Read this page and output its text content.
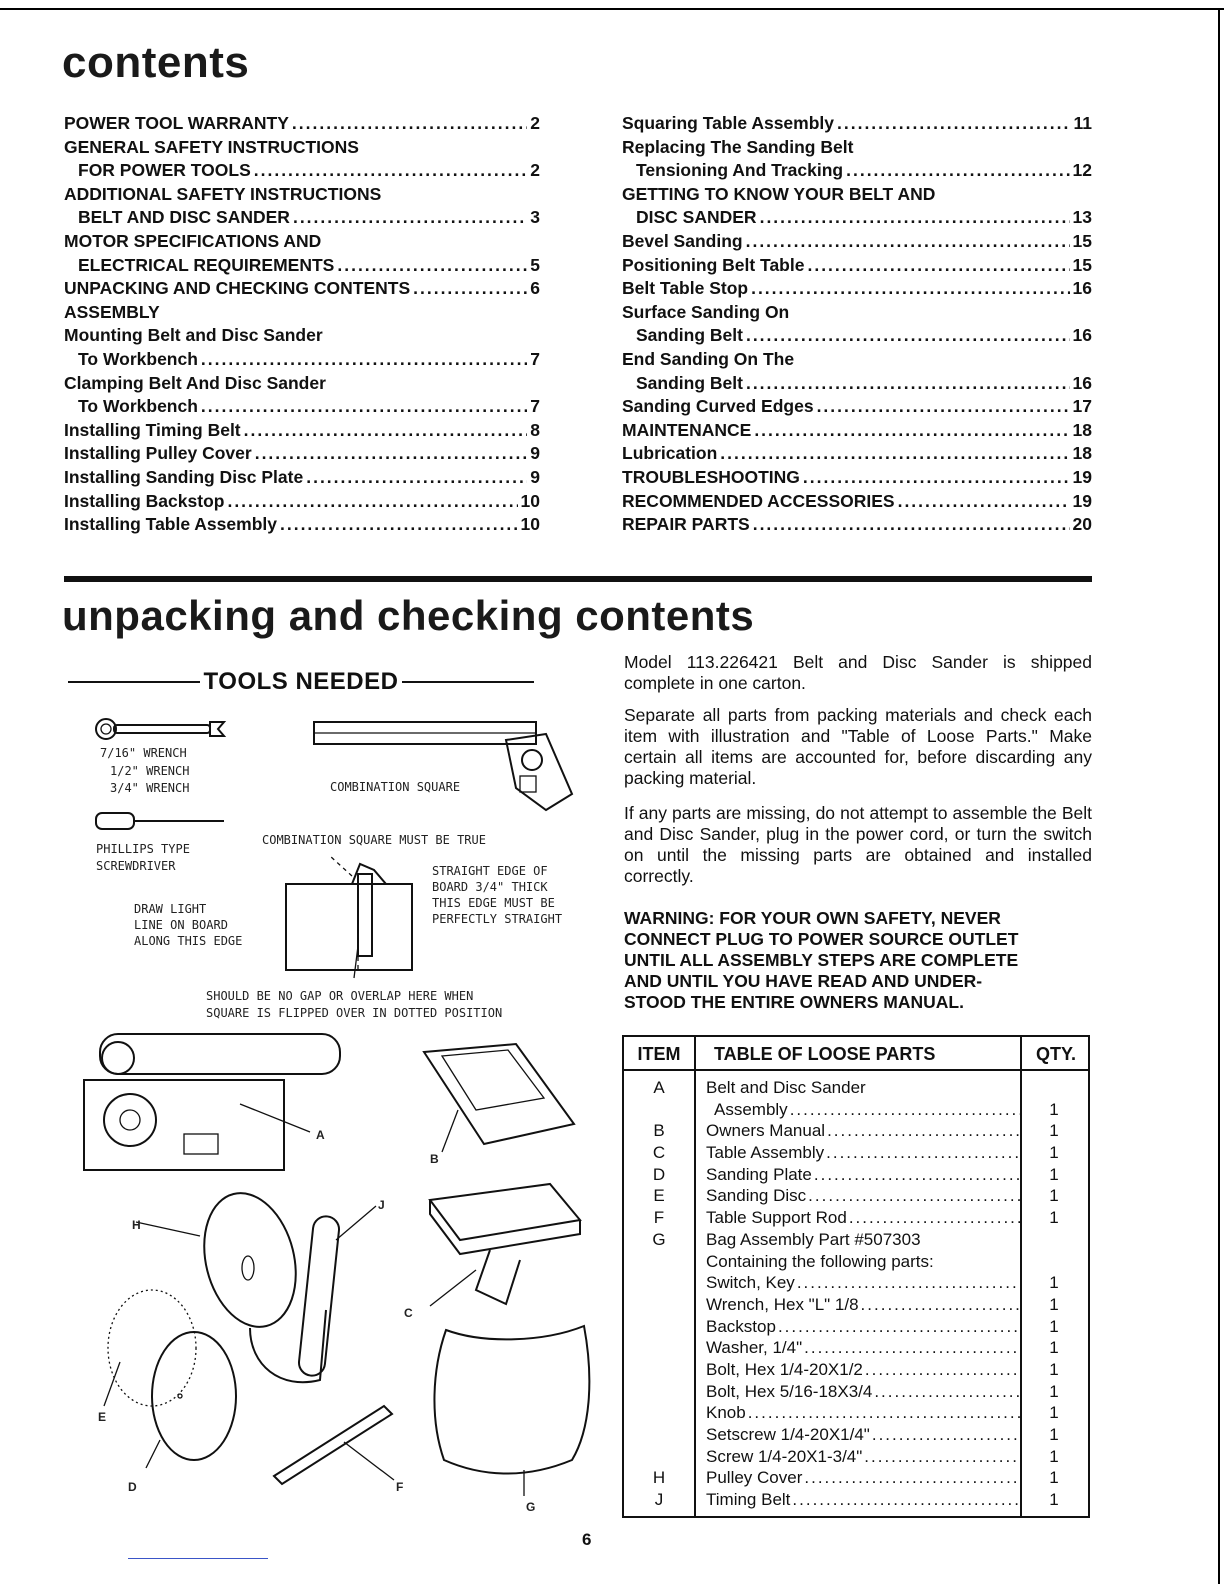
contents
POWER TOOL WARRANTY .....	2
GENERAL SAFETY INSTRUCTIONS
FOR POWER TOOLS .....	2
ADDITIONAL SAFETY INSTRUCTIONS
BELT AND DISC SANDER .....	3
MOTOR SPECIFICATIONS AND
ELECTRICAL REQUIREMENTS .....	5
UNPACKING AND CHECKING CONTENTS .....	6
ASSEMBLY
Mounting Belt and Disc Sander
To Workbench .....	7
Clamping Belt And Disc Sander
To Workbench .....	7
Installing Timing Belt .....	8
Installing Pulley Cover .....	9
Installing Sanding Disc Plate .....	9
Installing Backstop .....	10
Installing Table Assembly .....	10
Squaring Table Assembly .....	11
Replacing The Sanding Belt
Tensioning And Tracking .....	12
GETTING TO KNOW YOUR BELT AND
DISC SANDER .....	13
Bevel Sanding .....	15
Positioning Belt Table .....	15
Belt Table Stop .....	16
Surface Sanding On
Sanding Belt .....	16
End Sanding On The
Sanding Belt .....	16
Sanding Curved Edges .....	17
MAINTENANCE .....	18
Lubrication .....	18
TROUBLESHOOTING .....	19
RECOMMENDED ACCESSORIES .....	19
REPAIR PARTS .....	20
unpacking and checking contents
TOOLS NEEDED
7/16" WRENCH
1/2" WRENCH
3/4" WRENCH	COMBINATION SQUARE
PHILLIPS TYPE
SCREWDRIVER
COMBINATION SQUARE MUST BE TRUE
STRAIGHT EDGE OF
BOARD 3/4" THICK
THIS EDGE MUST BE
PERFECTLY STRAIGHT
DRAW LIGHT
LINE ON BOARD
ALONG THIS EDGE
SHOULD BE NO GAP OR OVERLAP HERE WHEN
SQUARE IS FLIPPED OVER IN DOTTED POSITION
A
B
H
J
C
E
D	F
G
Model 113.226421 Belt and Disc Sander is shipped complete in one carton.
Separate all parts from packing materials and check each item with illustration and "Table of Loose Parts." Make certain all items are accounted for, before discarding any packing material.
If any parts are missing, do not attempt to assemble the Belt and Disc Sander, plug in the power cord, or turn the switch on until the missing parts are obtained and installed correctly.
WARNING: FOR YOUR OWN SAFETY, NEVER
CONNECT PLUG TO POWER SOURCE OUTLET
UNTIL ALL ASSEMBLY STEPS ARE COMPLETE
AND UNTIL YOU HAVE READ AND UNDER-
STOOD THE ENTIRE OWNERS MANUAL.
ITEM	TABLE OF LOOSE PARTS	QTY.
A	Belt and Disc Sander
Assembly .....	1
B	Owners Manual .....	1
C	Table Assembly .....	1
D	Sanding Plate .....	1
E	Sanding Disc .....	1
F	Table Support Rod .....	1
G	Bag Assembly Part #507303
Containing the following parts:
Switch, Key .....	1
Wrench, Hex "L" 1/8 .....	1
Backstop .....	1
Washer, 1/4" .....	1
Bolt, Hex 1/4-20X1/2 .....	1
Bolt, Hex 5/16-18X3/4 .....	1
Knob .....	1
Setscrew 1/4-20X1/4" .....	1
Screw 1/4-20X1-3/4" .....	1
H	Pulley Cover .....	1
J	Timing Belt .....	1
6
